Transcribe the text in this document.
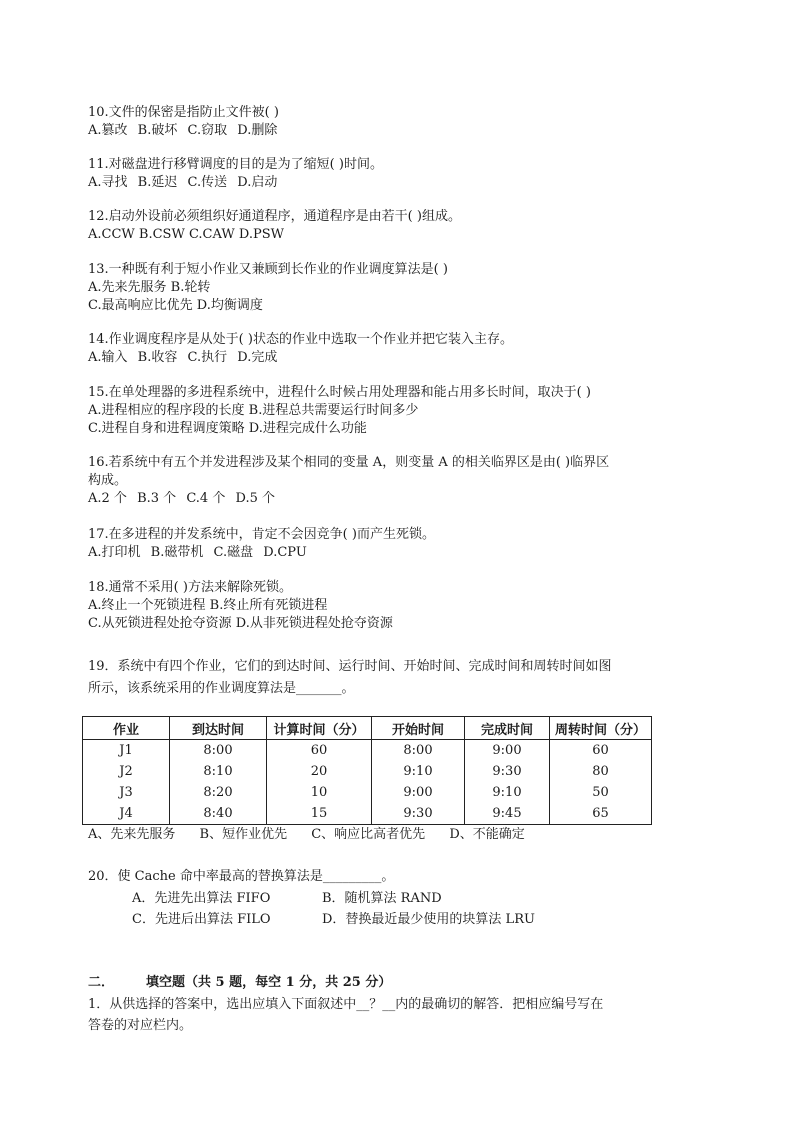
10.文件的保密是指防止文件被( )
A.篡改 B.破坏 C.窃取 D.删除
11.对磁盘进行移臂调度的目的是为了缩短( )时间。
A.寻找 B.延迟 C.传送 D.启动
12.启动外设前必须组织好通道程序，通道程序是由若干( )组成。
A.CCW B.CSW C.CAW D.PSW
13.一种既有利于短小作业又兼顾到长作业的作业调度算法是( )
A.先来先服务 B.轮转
C.最高响应比优先 D.均衡调度
14.作业调度程序是从处于( )状态的作业中选取一个作业并把它装入主存。
A.输入 B.收容 C.执行 D.完成
15.在单处理器的多进程系统中，进程什么时候占用处理器和能占用多长时间，取决于( )
A.进程相应的程序段的长度 B.进程总共需要运行时间多少
C.进程自身和进程调度策略 D.进程完成什么功能
16.若系统中有五个并发进程涉及某个相同的变量 A，则变量 A 的相关临界区是由( )临界区
构成。
A.2 个 B.3 个 C.4 个 D.5 个
17.在多进程的并发系统中，肯定不会因竞争( )而产生死锁。
A.打印机 B.磁带机 C.磁盘 D.CPU
18.通常不采用( )方法来解除死锁。
A.终止一个死锁进程 B.终止所有死锁进程
C.从死锁进程处抢夺资源 D.从非死锁进程处抢夺资源
19．系统中有四个作业，它们的到达时间、运行时间、开始时间、完成时间和周转时间如图
所示，该系统采用的作业调度算法是_______。
作业	到达时间	计算时间（分）	开始时间	完成时间	周转时间（分）
J1	8:00	60	8:00	9:00	60
J2	8:10	20	9:10	9:30	80
J3	8:20	10	9:00	9:10	50
J4	8:40	15	9:30	9:45	65
A、先来先服务 B、短作业优先 C、响应比高者优先 D、不能确定
20．使 Cache 命中率最高的替换算法是_________。
A．先进先出算法 FIFO	B．随机算法 RAND
C．先进后出算法 FILO	D．替换最近最少使用的块算法 LRU
二． 填空题（共 5 题，每空 1 分，共 25 分）
1．从供选择的答案中，选出应填入下面叙述中__？__内的最确切的解答．把相应编号写在
答卷的对应栏内。
